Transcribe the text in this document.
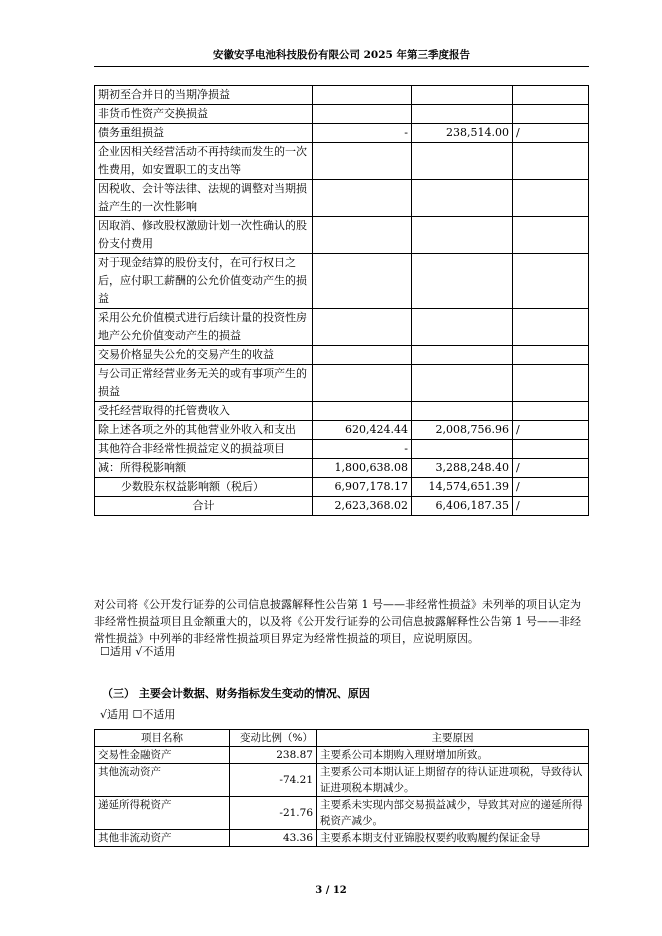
安徽安孚电池科技股份有限公司 2025 年第三季度报告
期初至合并日的当期净损益			
非货币性资产交换损益			
债务重组损益	-	238,514.00	/
企业因相关经营活动不再持续而发生的一次性费用，如安置职工的支出等			
因税收、会计等法律、法规的调整对当期损益产生的一次性影响			
因取消、修改股权激励计划一次性确认的股份支付费用			
对于现金结算的股份支付，在可行权日之后，应付职工薪酬的公允价值变动产生的损益			
采用公允价值模式进行后续计量的投资性房地产公允价值变动产生的损益			
交易价格显失公允的交易产生的收益			
与公司正常经营业务无关的或有事项产生的损益			
受托经营取得的托管费收入			
除上述各项之外的其他营业外收入和支出	620,424.44	2,008,756.96	/
其他符合非经常性损益定义的损益项目	-		
减：所得税影响额	1,800,638.08	3,288,248.40	/
少数股东权益影响额（税后）	6,907,178.17	14,574,651.39	/
合计	2,623,368.02	6,406,187.35	/
对公司将《公开发行证券的公司信息披露解释性公告第 1 号——非经常性损益》未列举的项目认定为非经常性损益项目且金额重大的，以及将《公开发行证券的公司信息披露解释性公告第 1 号——非经常性损益》中列举的非经常性损益项目界定为经常性损益的项目，应说明原因。
☐适用 √不适用
（三） 主要会计数据、财务指标发生变动的情况、原因
√适用 ☐不适用
项目名称	变动比例（%）	主要原因
交易性金融资产	238.87	主要系公司本期购入理财增加所致。
其他流动资产	-74.21	主要系公司本期认证上期留存的待认证进项税，导致待认证进项税本期减少。
递延所得税资产	-21.76	主要系未实现内部交易损益减少，导致其对应的递延所得税资产减少。
其他非流动资产	43.36	主要系本期支付亚锦股权要约收购履约保证金导
3 / 12
